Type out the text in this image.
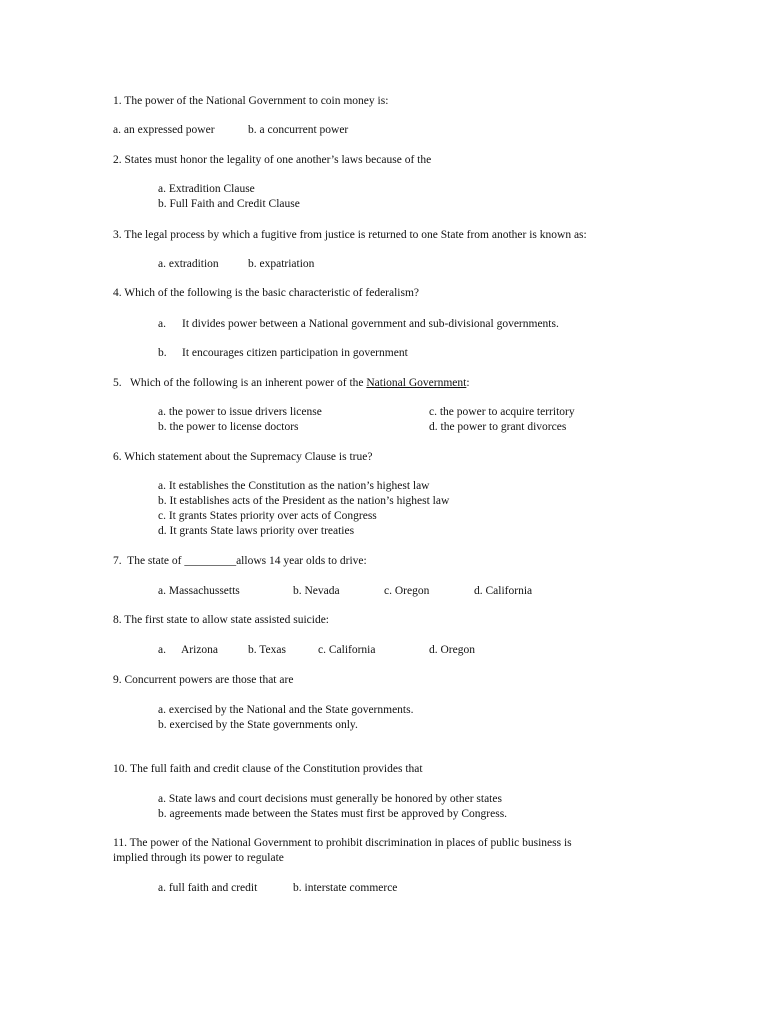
1. The power of the National Government to coin money is:
a. an expressed power	b. a concurrent power
2. States must honor the legality of one another’s laws because of the
a. Extradition Clause
b. Full Faith and Credit Clause
3. The legal process by which a fugitive from justice is returned to one State from another is known as:
a. extradition	b. expatriation
4. Which of the following is the basic characteristic of federalism?
a. It divides power between a National government and sub-divisional governments.
b. It encourages citizen participation in government
5.   Which of the following is an inherent power of the National Government:
a. the power to issue drivers license
b. the power to license doctors
c. the power to acquire territory
d. the power to grant divorces
6. Which statement about the Supremacy Clause is true?
a. It establishes the Constitution as the nation’s highest law
b. It establishes acts of the President as the nation’s highest law
c. It grants States priority over acts of Congress
d. It grants State laws priority over treaties
7.  The state of _________allows 14 year olds to drive:
a. Massachussetts	b. Nevada	c. Oregon	d. California
8. The first state to allow state assisted suicide:
a. Arizona	b. Texas	c. California	d. Oregon
9. Concurrent powers are those that are
a. exercised by the National and the State governments.
b. exercised by the State governments only.
10. The full faith and credit clause of the Constitution provides that
a. State laws and court decisions must generally be honored by other states
b. agreements made between the States must first be approved by Congress.
11. The power of the National Government to prohibit discrimination in places of public business is
implied through its power to regulate
a. full faith and credit	b. interstate commerce
